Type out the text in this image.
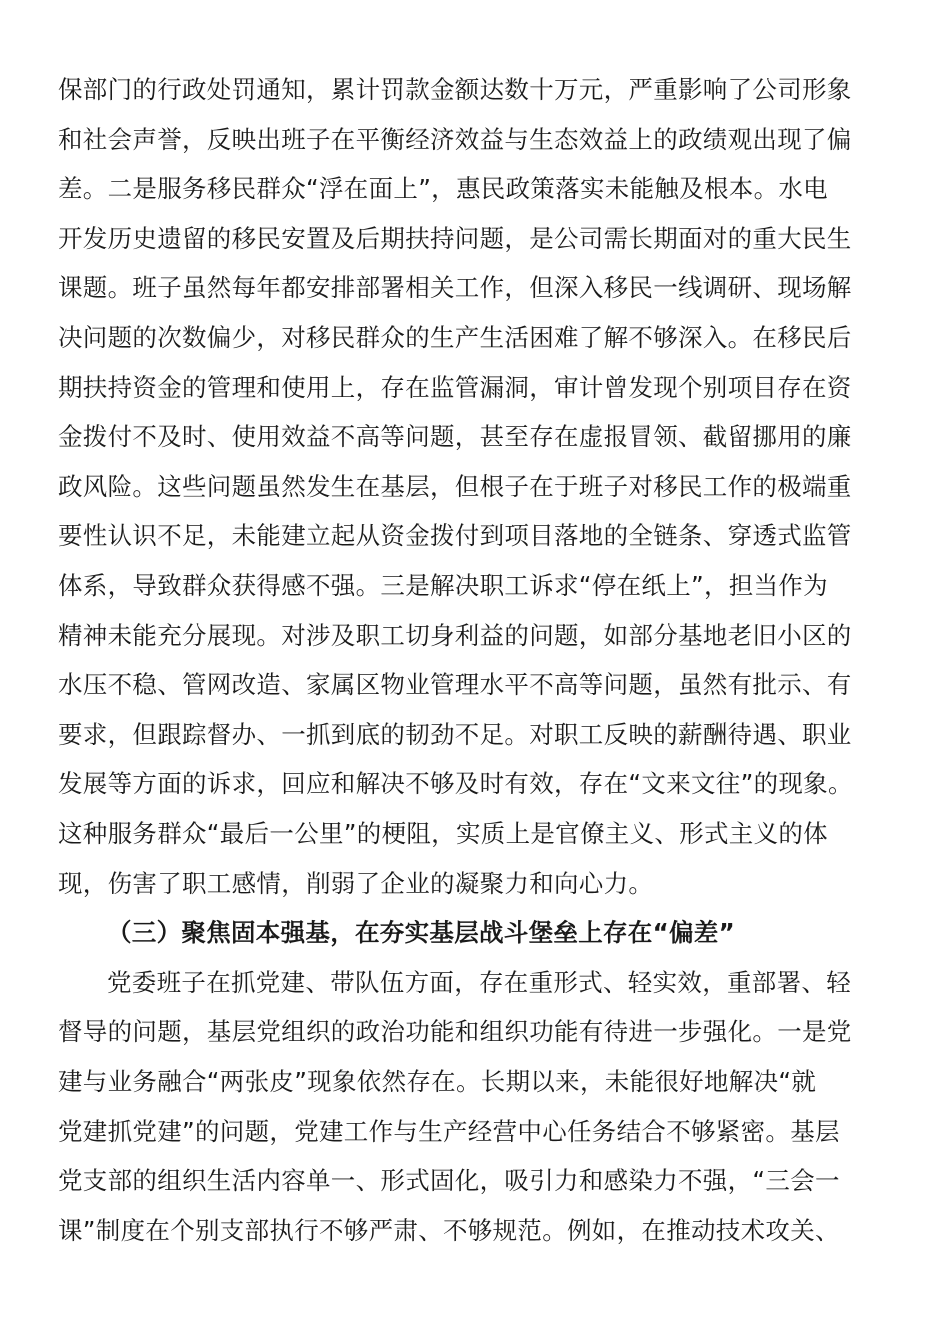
保部门的行政处罚通知，累计罚款金额达数十万元，严重影响了公司形象
和社会声誉，反映出班子在平衡经济效益与生态效益上的政绩观出现了偏
差。二是服务移民群众“浮在面上”，惠民政策落实未能触及根本。水电
开发历史遗留的移民安置及后期扶持问题，是公司需长期面对的重大民生
课题。班子虽然每年都安排部署相关工作，但深入移民一线调研、现场解
决问题的次数偏少，对移民群众的生产生活困难了解不够深入。在移民后
期扶持资金的管理和使用上，存在监管漏洞，审计曾发现个别项目存在资
金拨付不及时、使用效益不高等问题，甚至存在虚报冒领、截留挪用的廉
政风险。这些问题虽然发生在基层，但根子在于班子对移民工作的极端重
要性认识不足，未能建立起从资金拨付到项目落地的全链条、穿透式监管
体系，导致群众获得感不强。三是解决职工诉求“停在纸上”，担当作为
精神未能充分展现。对涉及职工切身利益的问题，如部分基地老旧小区的
水压不稳、管网改造、家属区物业管理水平不高等问题，虽然有批示、有
要求，但跟踪督办、一抓到底的韧劲不足。对职工反映的薪酬待遇、职业
发展等方面的诉求，回应和解决不够及时有效，存在“文来文往”的现象。
这种服务群众“最后一公里”的梗阻，实质上是官僚主义、形式主义的体
现，伤害了职工感情，削弱了企业的凝聚力和向心力。
（三）聚焦固本强基，在夯实基层战斗堡垒上存在“偏差”
党委班子在抓党建、带队伍方面，存在重形式、轻实效，重部署、轻
督导的问题，基层党组织的政治功能和组织功能有待进一步强化。一是党
建与业务融合“两张皮”现象依然存在。长期以来，未能很好地解决“就
党建抓党建”的问题，党建工作与生产经营中心任务结合不够紧密。基层
党支部的组织生活内容单一、形式固化，吸引力和感染力不强，“三会一
课”制度在个别支部执行不够严肃、不够规范。例如，在推动技术攻关、
